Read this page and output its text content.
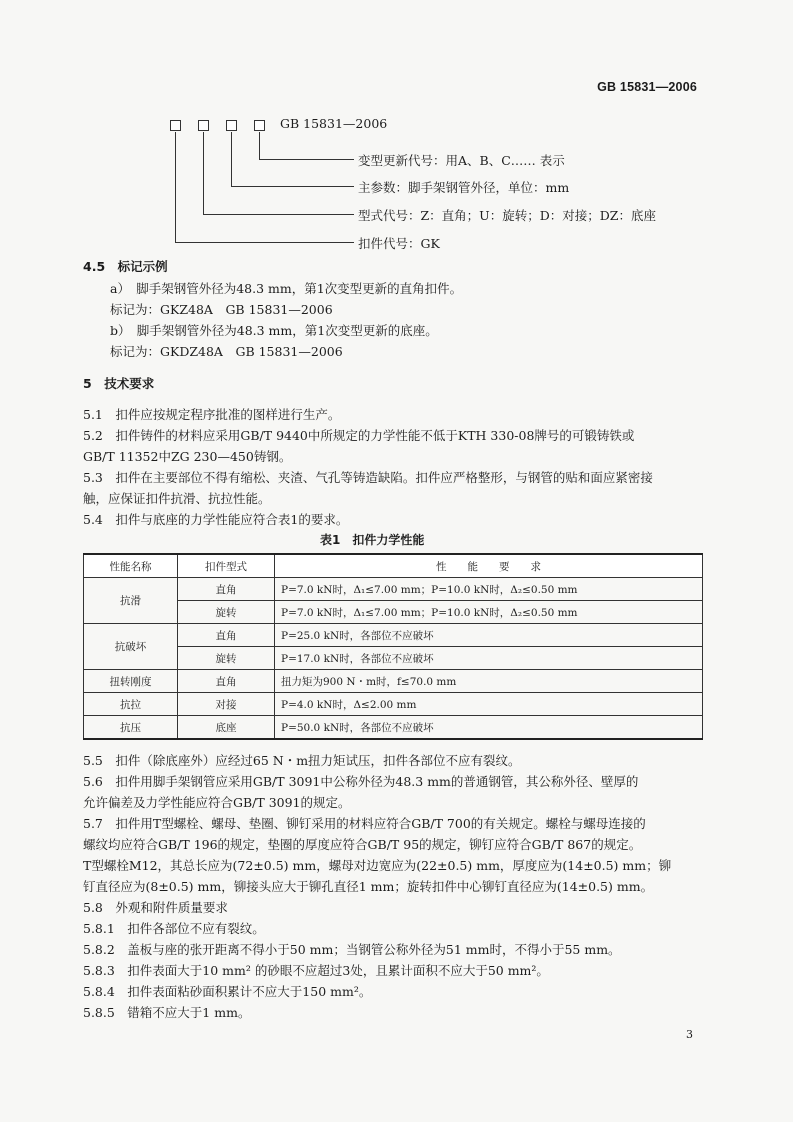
GB 15831—2006
GB 15831—2006
变型更新代号：用A、B、C…… 表示
主参数：脚手架钢管外径，单位：mm
型式代号：Z：直角；U：旋转；D：对接；DZ：底座
扣件代号：GK
4.5　标记示例
a）　脚手架钢管外径为48.3 mm，第1次变型更新的直角扣件。
标记为：GKZ48A　GB 15831—2006
b）　脚手架钢管外径为48.3 mm，第1次变型更新的底座。
标记为：GKDZ48A　GB 15831—2006
5　技术要求
5.1　扣件应按规定程序批准的图样进行生产。
5.2　扣件铸件的材料应采用GB/T 9440中所规定的力学性能不低于KTH 330-08牌号的可锻铸铁或
GB/T 11352中ZG 230—450铸钢。
5.3　扣件在主要部位不得有缩松、夹渣、气孔等铸造缺陷。扣件应严格整形，与钢管的贴和面应紧密接
触，应保证扣件抗滑、抗拉性能。
5.4　扣件与底座的力学性能应符合表1的要求。
表1　扣件力学性能
性能名称	扣件型式	性　　能　　要　　求
抗滑	直角	P=7.0 kN时，Δ₁≤7.00 mm；P=10.0 kN时，Δ₂≤0.50 mm
	旋转	P=7.0 kN时，Δ₁≤7.00 mm；P=10.0 kN时，Δ₂≤0.50 mm
抗破坏	直角	P=25.0 kN时，各部位不应破坏
	旋转	P=17.0 kN时，各部位不应破坏
扭转刚度	直角	扭力矩为900 N・m时，f≤70.0 mm
抗拉	对接	P=4.0 kN时，Δ≤2.00 mm
抗压	底座	P=50.0 kN时，各部位不应破坏
5.5　扣件（除底座外）应经过65 N・m扭力矩试压，扣件各部位不应有裂纹。
5.6　扣件用脚手架钢管应采用GB/T 3091中公称外径为48.3 mm的普通钢管，其公称外径、壁厚的
允许偏差及力学性能应符合GB/T 3091的规定。
5.7　扣件用T型螺栓、螺母、垫圈、铆钉采用的材料应符合GB/T 700的有关规定。螺栓与螺母连接的
螺纹均应符合GB/T 196的规定，垫圈的厚度应符合GB/T 95的规定，铆钉应符合GB/T 867的规定。
T型螺栓M12，其总长应为(72±0.5) mm，螺母对边宽应为(22±0.5) mm，厚度应为(14±0.5) mm；铆
钉直径应为(8±0.5) mm，铆接头应大于铆孔直径1 mm；旋转扣件中心铆钉直径应为(14±0.5) mm。
5.8　外观和附件质量要求
5.8.1　扣件各部位不应有裂纹。
5.8.2　盖板与座的张开距离不得小于50 mm；当钢管公称外径为51 mm时，不得小于55 mm。
5.8.3　扣件表面大于10 mm² 的砂眼不应超过3处，且累计面积不应大于50 mm²。
5.8.4　扣件表面粘砂面积累计不应大于150 mm²。
5.8.5　错箱不应大于1 mm。
3
